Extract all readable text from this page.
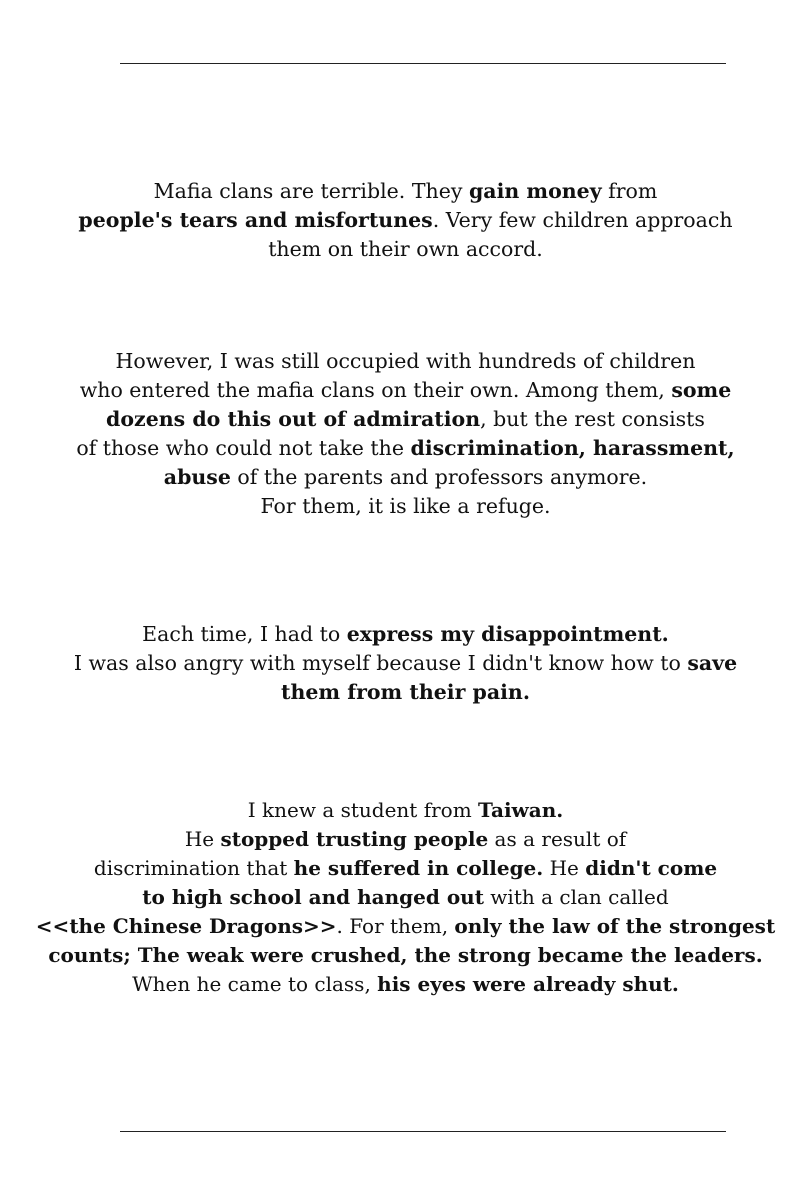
Mafia clans are terrible. They gain money from
people's tears and misfortunes. Very few children approach
them on their own accord.

However, I was still occupied with hundreds of children
who entered the mafia clans on their own. Among them, some
dozens do this out of admiration, but the rest consists
of those who could not take the discrimination, harassment,
abuse of the parents and professors anymore.
For them, it is like a refuge.

Each time, I had to express my disappointment.
I was also angry with myself because I didn't know how to save
them from their pain.

I knew a student from Taiwan.
He stopped trusting people as a result of
discrimination that he suffered in college. He didn't come
to high school and hanged out with a clan called
<<the Chinese Dragons>>. For them, only the law of the strongest
counts; The weak were crushed, the strong became the leaders.
When he came to class, his eyes were already shut.
